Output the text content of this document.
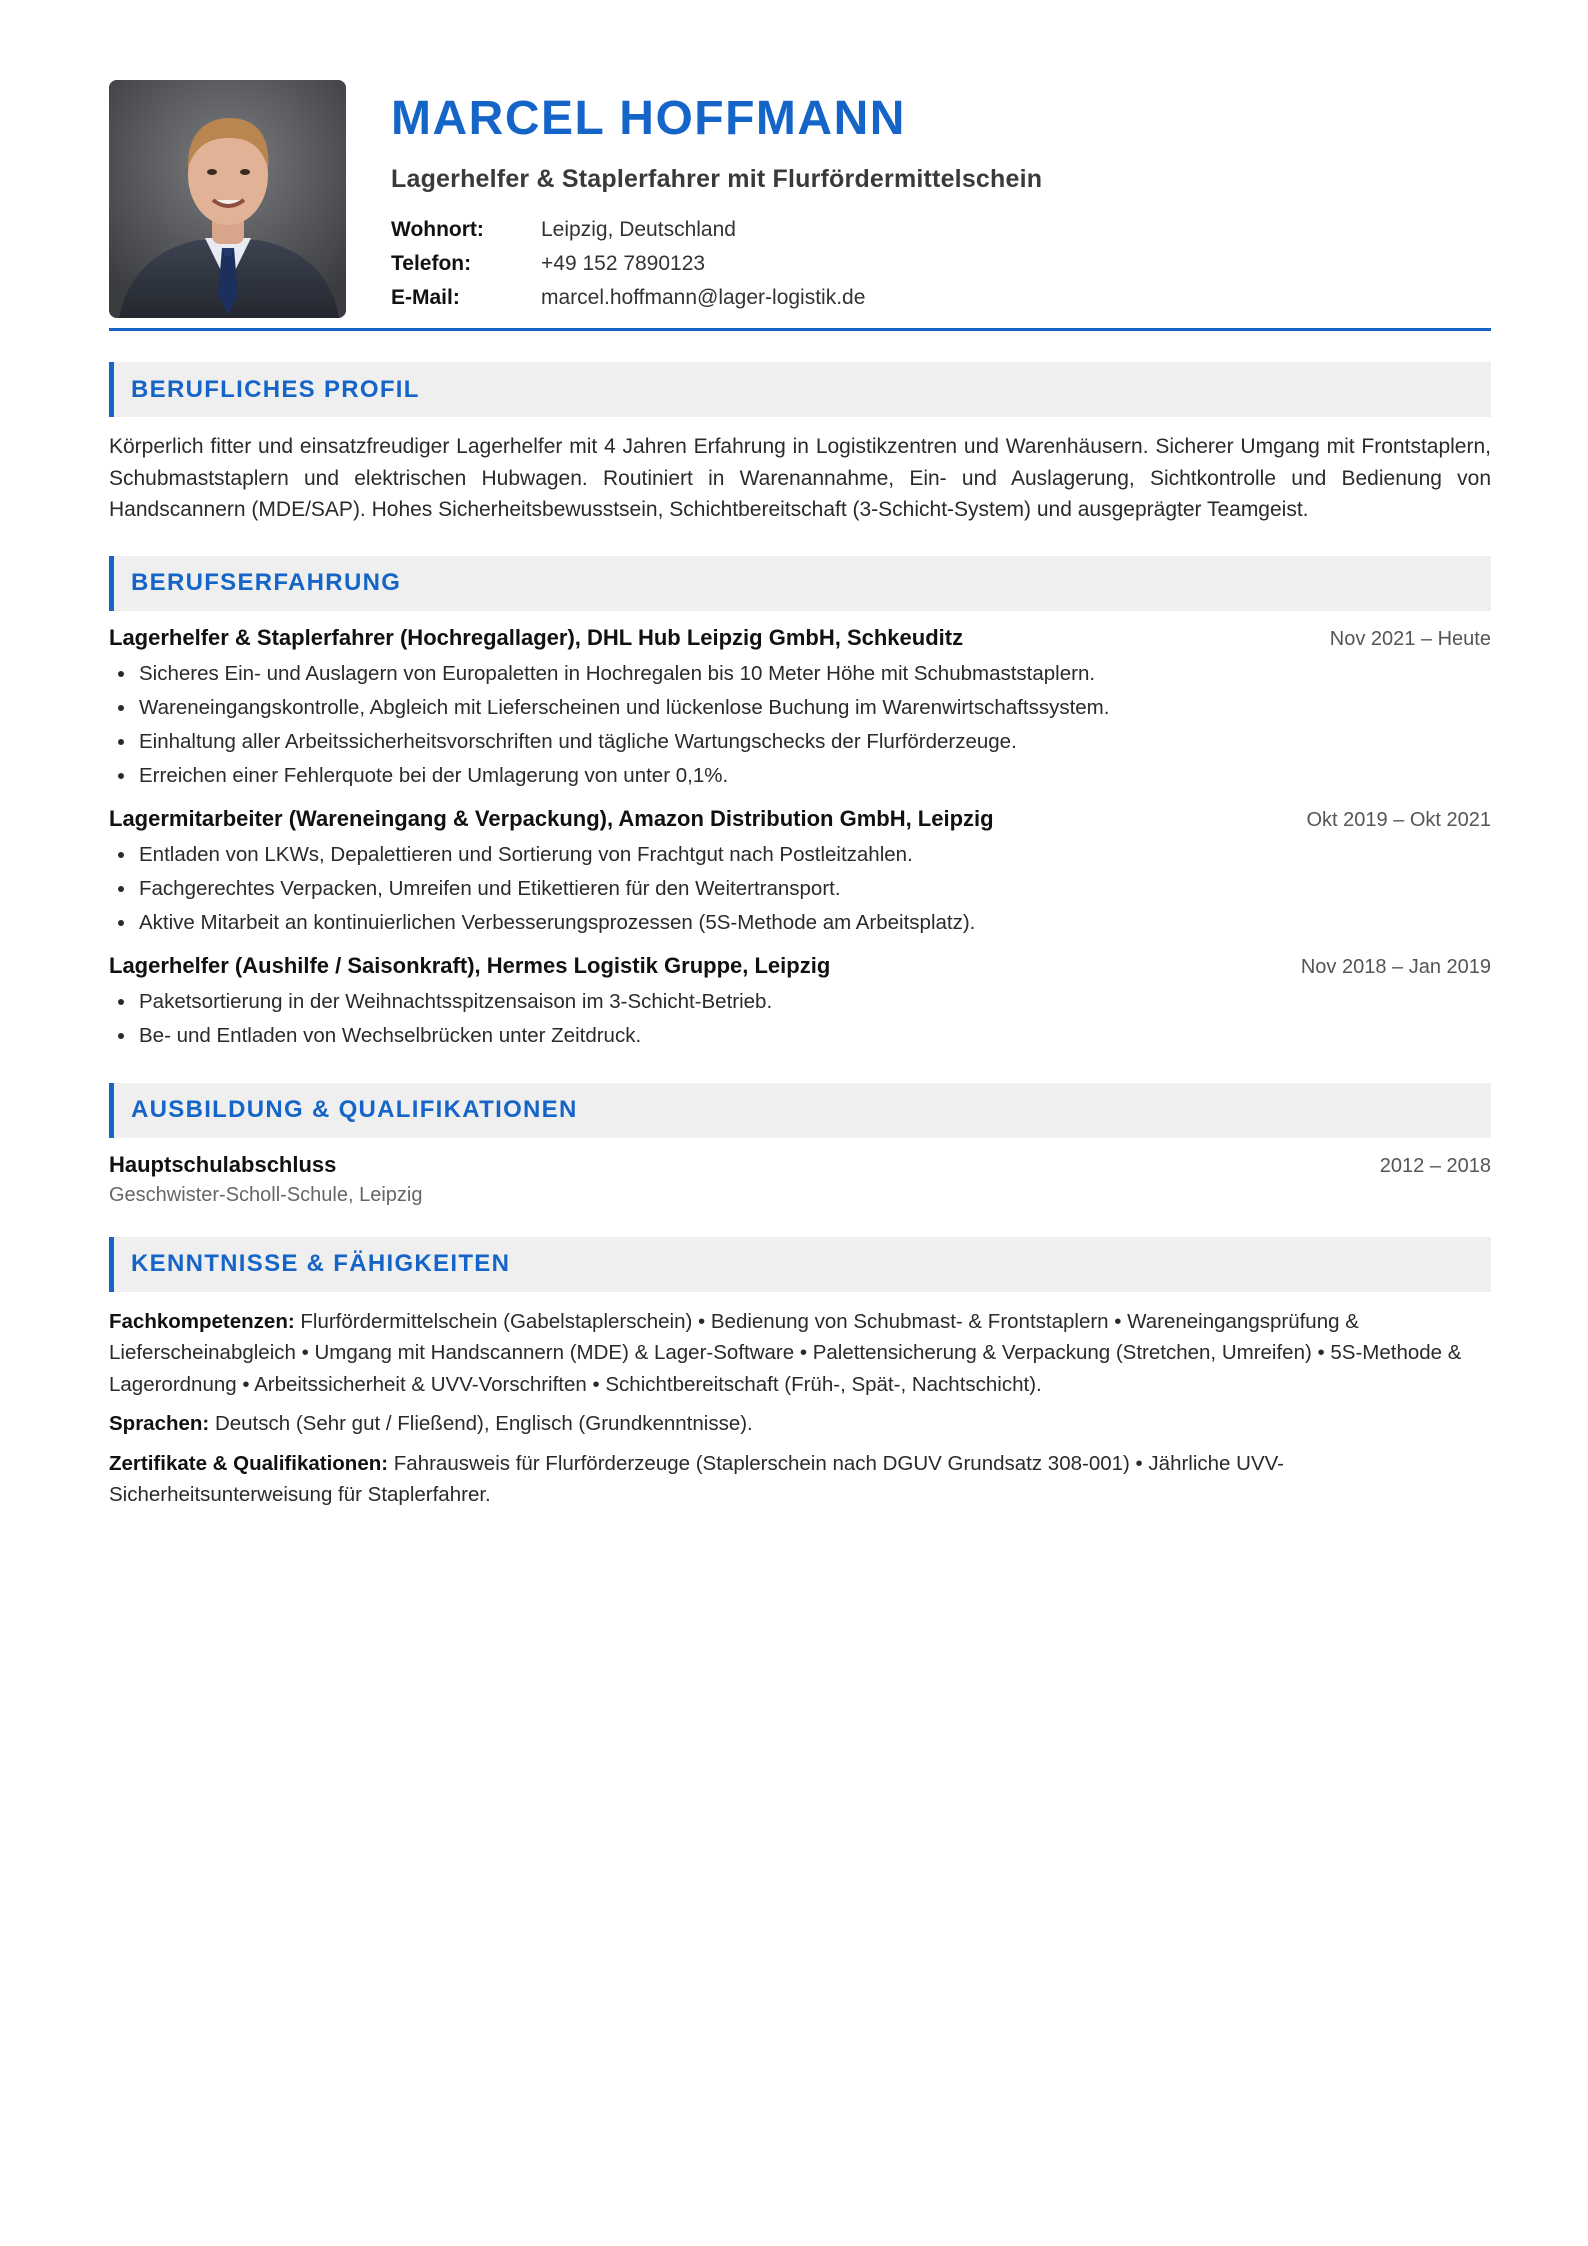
MARCEL HOFFMANN
Lagerhelfer & Staplerfahrer mit Flurfördermittelschein
Wohnort:	Leipzig, Deutschland
Telefon:	+49 152 7890123
E-Mail:	marcel.hoffmann@lager-logistik.de
BERUFLICHES PROFIL
Körperlich fitter und einsatzfreudiger Lagerhelfer mit 4 Jahren Erfahrung in Logistikzentren und Warenhäusern. Sicherer Umgang mit Frontstaplern, Schubmaststaplern und elektrischen Hubwagen. Routiniert in Warenannahme, Ein- und Auslagerung, Sichtkontrolle und Bedienung von Handscannern (MDE/SAP). Hohes Sicherheitsbewusstsein, Schichtbereitschaft (3-Schicht-System) und ausgeprägter Teamgeist.
BERUFSERFAHRUNG
Lagerhelfer & Staplerfahrer (Hochregallager), DHL Hub Leipzig GmbH, Schkeuditz	Nov 2021 – Heute
• Sicheres Ein- und Auslagern von Europaletten in Hochregalen bis 10 Meter Höhe mit Schubmaststaplern.
• Wareneingangskontrolle, Abgleich mit Lieferscheinen und lückenlose Buchung im Warenwirtschaftssystem.
• Einhaltung aller Arbeitssicherheitsvorschriften und tägliche Wartungschecks der Flurförderzeuge.
• Erreichen einer Fehlerquote bei der Umlagerung von unter 0,1%.
Lagermitarbeiter (Wareneingang & Verpackung), Amazon Distribution GmbH, Leipzig	Okt 2019 – Okt 2021
• Entladen von LKWs, Depalettieren und Sortierung von Frachtgut nach Postleitzahlen.
• Fachgerechtes Verpacken, Umreifen und Etikettieren für den Weitertransport.
• Aktive Mitarbeit an kontinuierlichen Verbesserungsprozessen (5S-Methode am Arbeitsplatz).
Lagerhelfer (Aushilfe / Saisonkraft), Hermes Logistik Gruppe, Leipzig	Nov 2018 – Jan 2019
• Paketsortierung in der Weihnachtsspitzensaison im 3-Schicht-Betrieb.
• Be- und Entladen von Wechselbrücken unter Zeitdruck.
AUSBILDUNG & QUALIFIKATIONEN
Hauptschulabschluss	2012 – 2018
Geschwister-Scholl-Schule, Leipzig
KENNTNISSE & FÄHIGKEITEN
Fachkompetenzen: Flurfördermittelschein (Gabelstaplerschein) • Bedienung von Schubmast- & Frontstaplern • Wareneingangsprüfung & Lieferscheinabgleich • Umgang mit Handscannern (MDE) & Lager-Software • Palettensicherung & Verpackung (Stretchen, Umreifen) • 5S-Methode & Lagerordnung • Arbeitssicherheit & UVV-Vorschriften • Schichtbereitschaft (Früh-, Spät-, Nachtschicht).
Sprachen: Deutsch (Sehr gut / Fließend), Englisch (Grundkenntnisse).
Zertifikate & Qualifikationen: Fahrausweis für Flurförderzeuge (Staplerschein nach DGUV Grundsatz 308-001) • Jährliche UVV-Sicherheitsunterweisung für Staplerfahrer.
